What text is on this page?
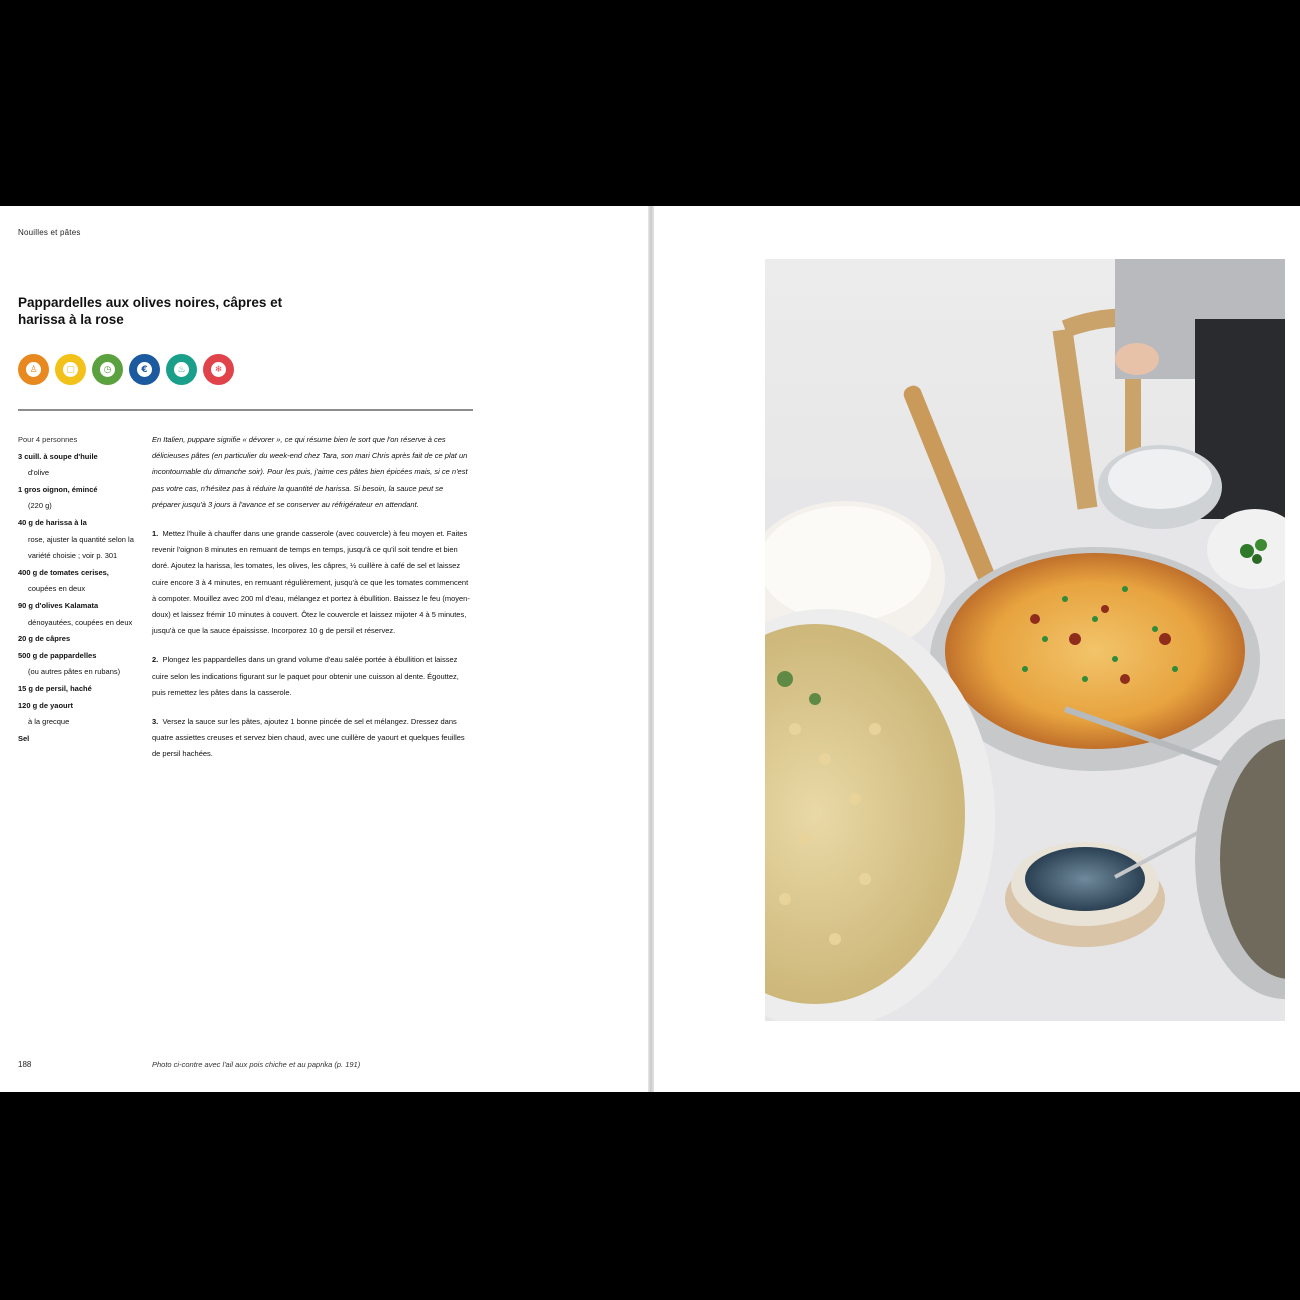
Nouilles et pâtes
Pappardelles aux olives noires, câpres et harissa à la rose
♙	▢	◷	€	♨	❄
Pour 4 personnes
3 cuill. à soupe d'huile
d'olive
1 gros oignon, émincé
(220 g)
40 g de harissa à la
rose, ajuster la quantité selon la variété choisie ; voir p. 301
400 g de tomates cerises,
coupées en deux
90 g d'olives Kalamata
dénoyautées, coupées en deux
20 g de câpres
500 g de pappardelles
(ou autres pâtes en rubans)
15 g de persil, haché
120 g de yaourt
à la grecque
Sel

En Italien, puppare signifie « dévorer », ce qui résume bien le sort que l'on réserve à ces délicieuses pâtes (en particulier du week-end chez Tara, son mari Chris après fait de ce plat un incontournable du dimanche soir). Pour les puis, j'aime ces pâtes bien épicées mais, si ce n'est pas votre cas, n'hésitez pas à réduire la quantité de harissa. Si besoin, la sauce peut se préparer jusqu'à 3 jours à l'avance et se conserver au réfrigérateur en attendant.

1. Mettez l'huile à chauffer dans une grande casserole (avec couvercle) à feu moyen et. Faites revenir l'oignon 8 minutes en remuant de temps en temps, jusqu'à ce qu'il soit tendre et bien doré. Ajoutez la harissa, les tomates, les olives, les câpres, ½ cuillère à café de sel et laissez cuire encore 3 à 4 minutes, en remuant régulièrement, jusqu'à ce que les tomates commencent à compoter. Mouillez avec 200 ml d'eau, mélangez et portez à ébullition. Baissez le feu (moyen-doux) et laissez frémir 10 minutes à couvert. Ôtez le couvercle et laissez mijoter 4 à 5 minutes, jusqu'à ce que la sauce épaississe. Incorporez 10 g de persil et réservez.

2. Plongez les pappardelles dans un grand volume d'eau salée portée à ébullition et laissez cuire selon les indications figurant sur le paquet pour obtenir une cuisson al dente. Égouttez, puis remettez les pâtes dans la casserole.

3. Versez la sauce sur les pâtes, ajoutez 1 bonne pincée de sel et mélangez. Dressez dans quatre assiettes creuses et servez bien chaud, avec une cuillère de yaourt et quelques feuilles de persil hachées.

188	Photo ci-contre avec l'ail aux pois chiche et au paprika (p. 191)
